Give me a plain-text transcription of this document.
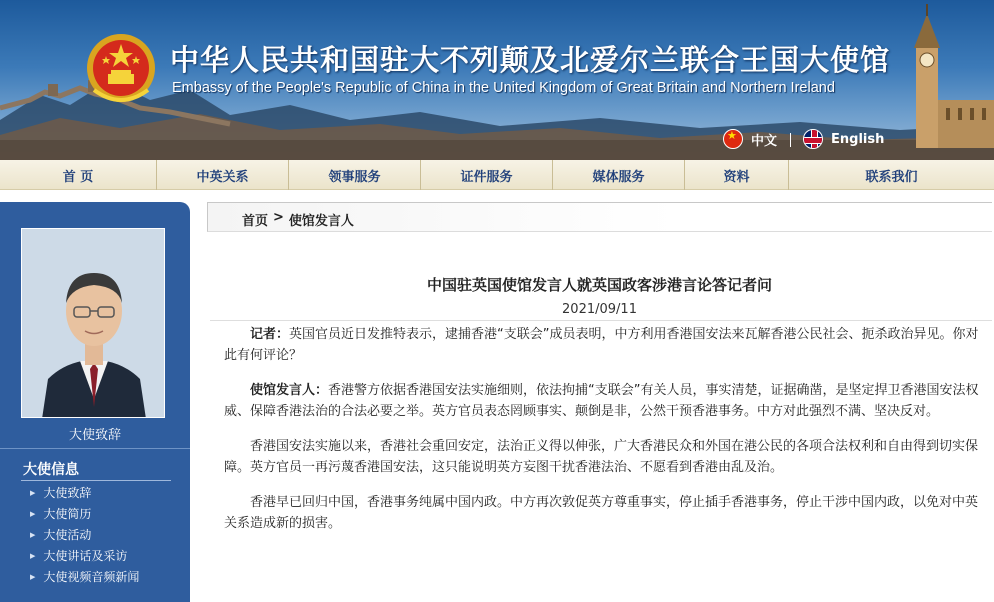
中华人民共和国驻大不列颠及北爱尔兰联合王国大使馆
Embassy of the People's Republic of China in the United Kingdom of Great Britain and Northern Ireland
★
中文	English
首 页	中英关系	领事服务	证件服务	媒体服务	资料	联系我们
大使致辞
大使信息
▶ 大使致辞
▶ 大使简历
▶ 大使活动
▶ 大使讲话及采访
▶ 大使视频音频新闻
首页 > 使馆发言人
中国驻英国使馆发言人就英国政客涉港言论答记者问
2021/09/11

记者：英国官员近日发推特表示，逮捕香港“支联会”成员表明，中方利用香港国安法来瓦解香港公民社会、扼杀政治异见。你对此有何评论？

使馆发言人：香港警方依据香港国安法实施细则，依法拘捕“支联会”有关人员，事实清楚，证据确凿，是坚定捍卫香港国安法权威、保障香港法治的合法必要之举。英方官员表态罔顾事实、颠倒是非，公然干预香港事务。中方对此强烈不满、坚决反对。

香港国安法实施以来，香港社会重回安定，法治正义得以伸张，广大香港民众和外国在港公民的各项合法权利和自由得到切实保障。英方官员一再污蔑香港国安法，这只能说明英方妄图干扰香港法治、不愿看到香港由乱及治。

香港早已回归中国，香港事务纯属中国内政。中方再次敦促英方尊重事实，停止插手香港事务，停止干涉中国内政，以免对中英关系造成新的损害。
